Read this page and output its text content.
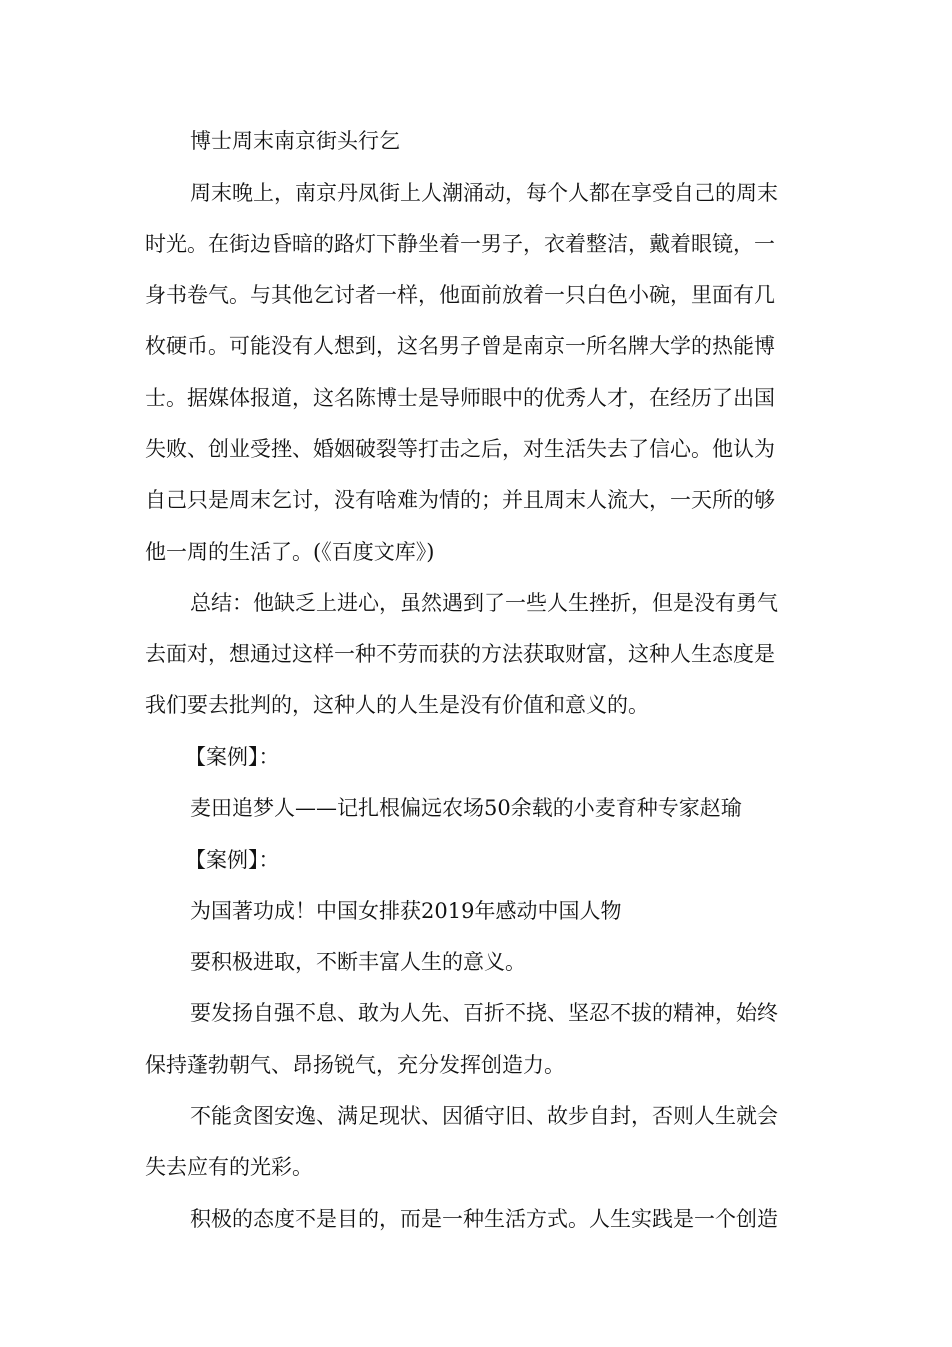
博士周末南京街头行乞
周末晚上，南京丹凤街上人潮涌动，每个人都在享受自己的周末
时光。在街边昏暗的路灯下静坐着一男子，衣着整洁，戴着眼镜，一
身书卷气。与其他乞讨者一样，他面前放着一只白色小碗，里面有几
枚硬币。可能没有人想到，这名男子曾是南京一所名牌大学的热能博
士。据媒体报道，这名陈博士是导师眼中的优秀人才，在经历了出国
失败、创业受挫、婚姻破裂等打击之后，对生活失去了信心。他认为
自己只是周末乞讨，没有啥难为情的；并且周末人流大，一天所的够
他一周的生活了。(《百度文库》)
总结：他缺乏上进心，虽然遇到了一些人生挫折，但是没有勇气
去面对，想通过这样一种不劳而获的方法获取财富，这种人生态度是
我们要去批判的，这种人的人生是没有价值和意义的。
【案例】：
麦田追梦人——记扎根偏远农场50余载的小麦育种专家赵瑜
【案例】：
为国著功成！中国女排获2019年感动中国人物
要积极进取，不断丰富人生的意义。
要发扬自强不息、敢为人先、百折不挠、坚忍不拔的精神，始终
保持蓬勃朝气、昂扬锐气，充分发挥创造力。
不能贪图安逸、满足现状、因循守旧、故步自封，否则人生就会
失去应有的光彩。
积极的态度不是目的，而是一种生活方式。人生实践是一个创造
